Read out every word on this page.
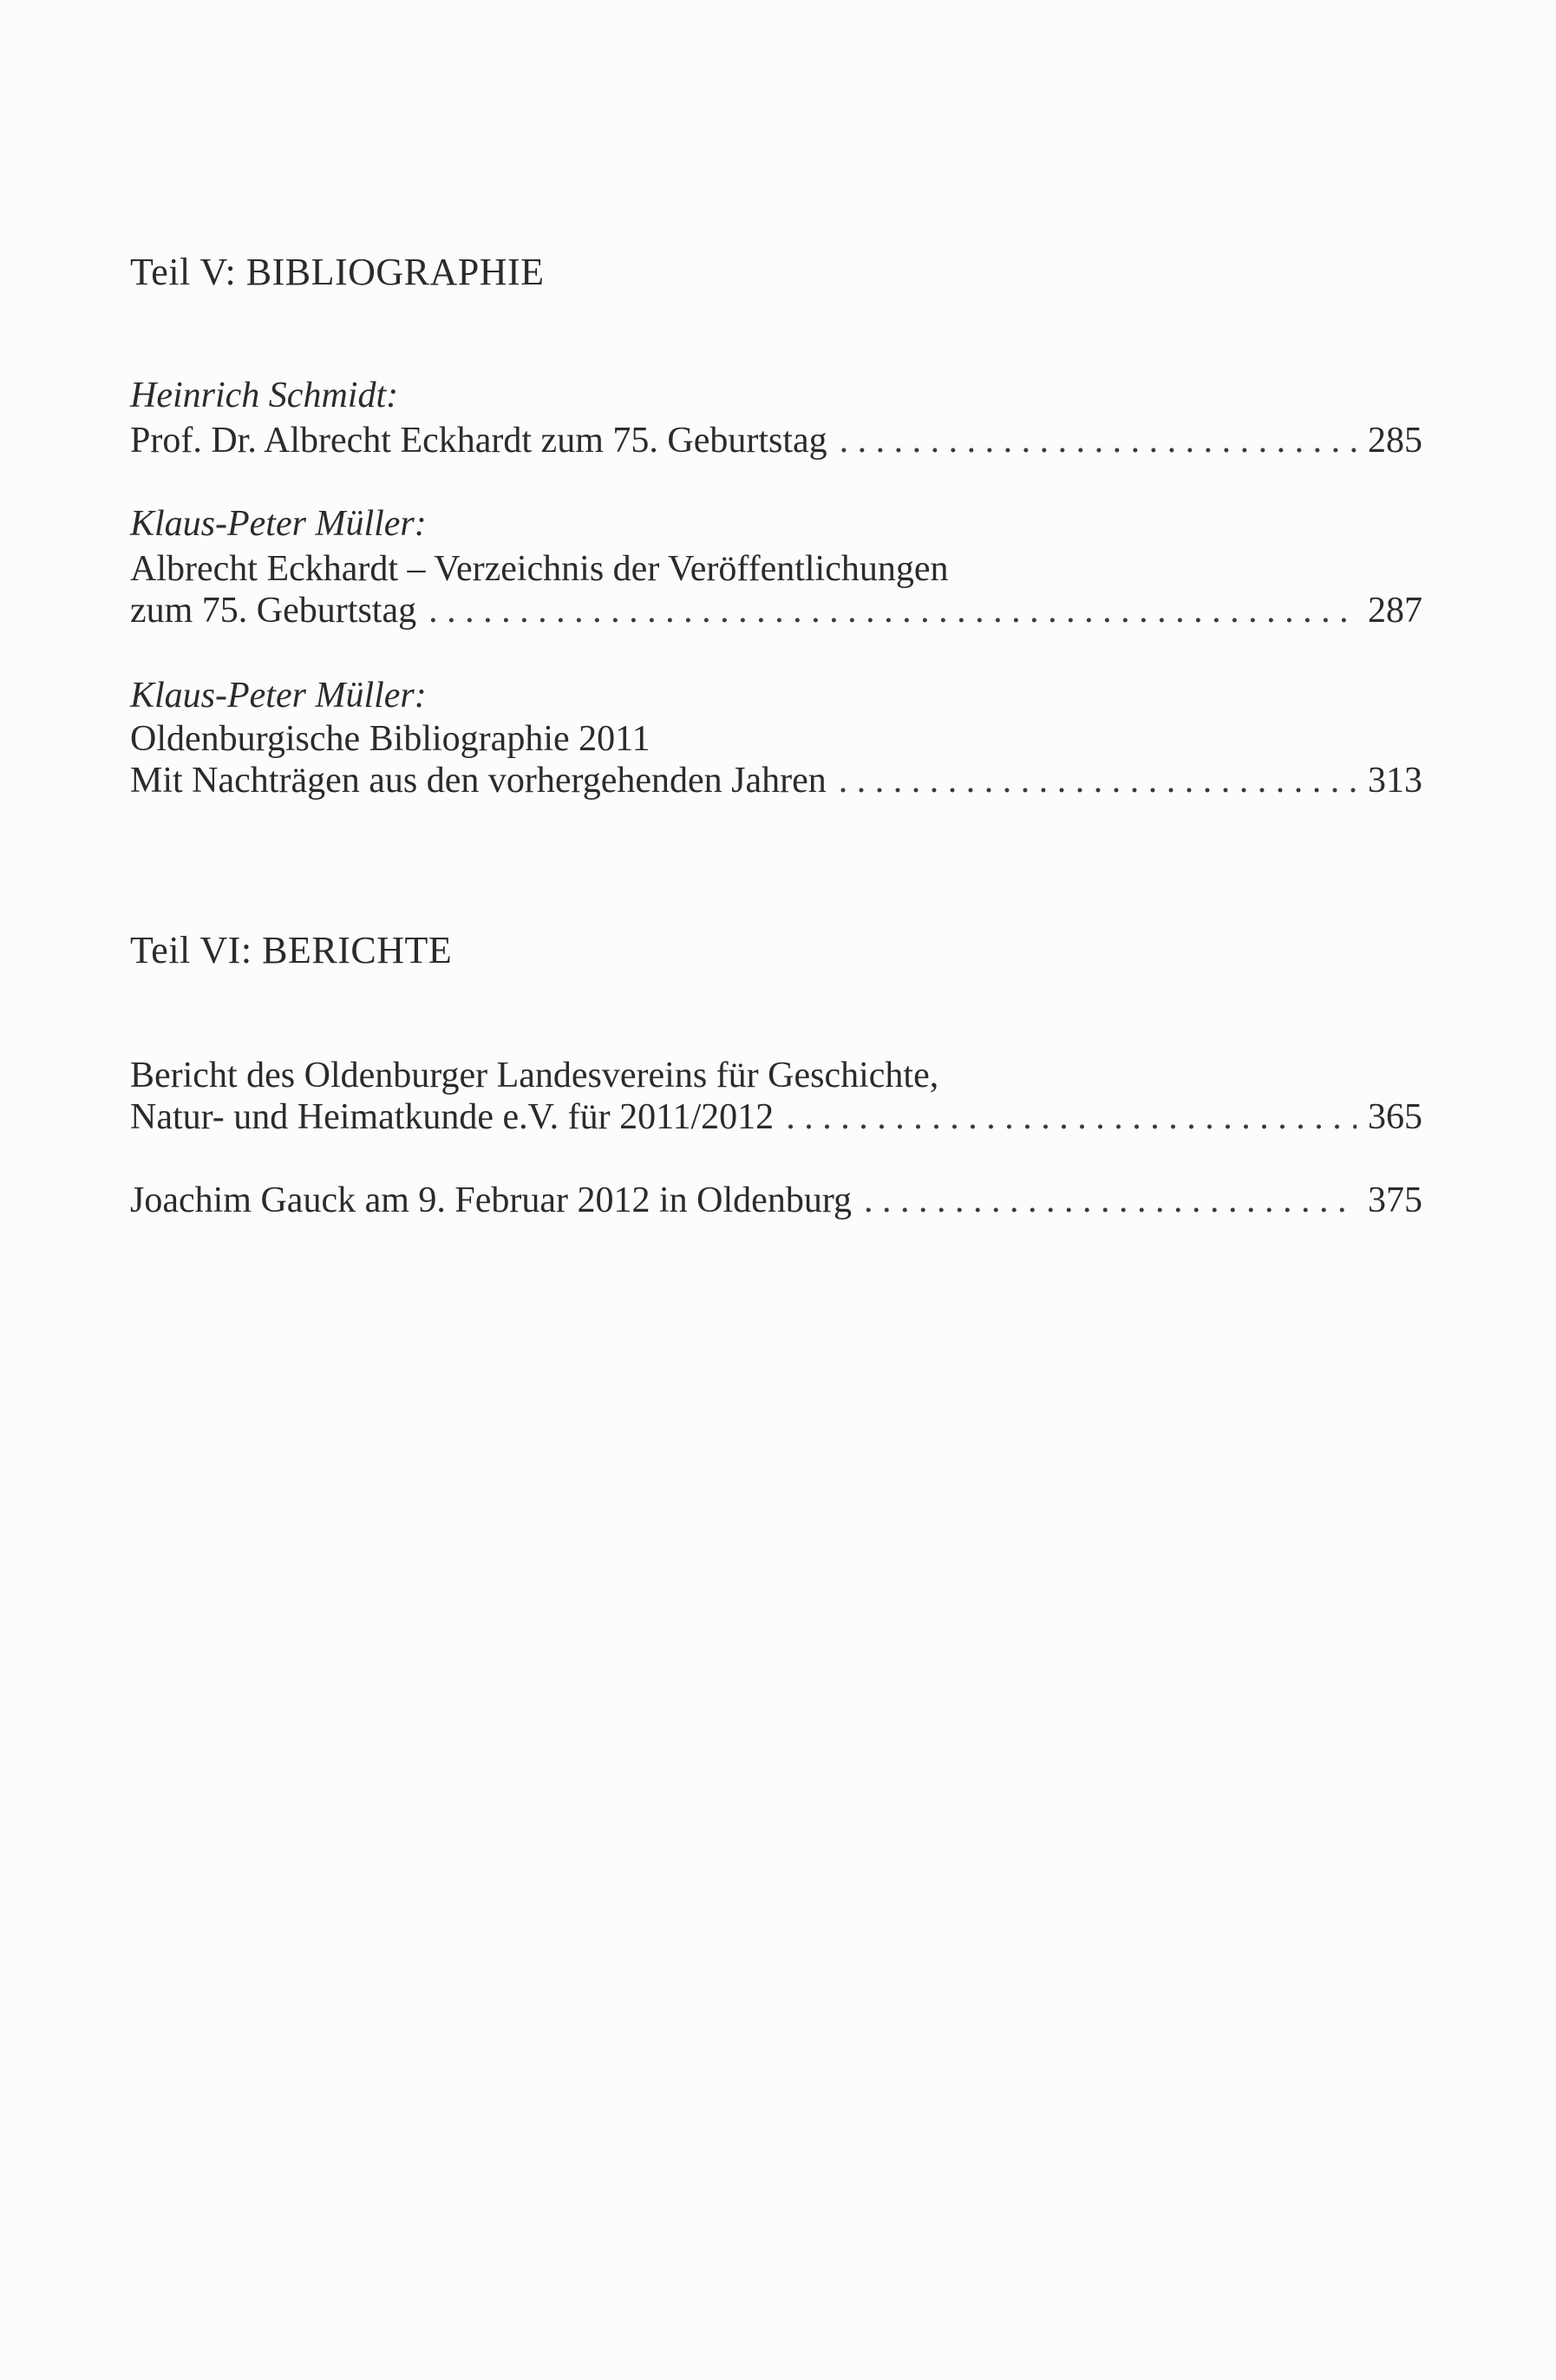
Teil V: BIBLIOGRAPHIE
Heinrich Schmidt:
Prof. Dr. Albrecht Eckhardt zum 75. Geburtstag . . .	285
Klaus-Peter Müller:
Albrecht Eckhardt – Verzeichnis der Veröffentlichungen
zum 75. Geburtstag . . .	287
Klaus-Peter Müller:
Oldenburgische Bibliographie 2011
Mit Nachträgen aus den vorhergehenden Jahren . . .	313
Teil VI: BERICHTE
Bericht des Oldenburger Landesvereins für Geschichte,
Natur- und Heimatkunde e.V. für 2011/2012 . . .	365
Joachim Gauck am 9. Februar 2012 in Oldenburg . . .	375
